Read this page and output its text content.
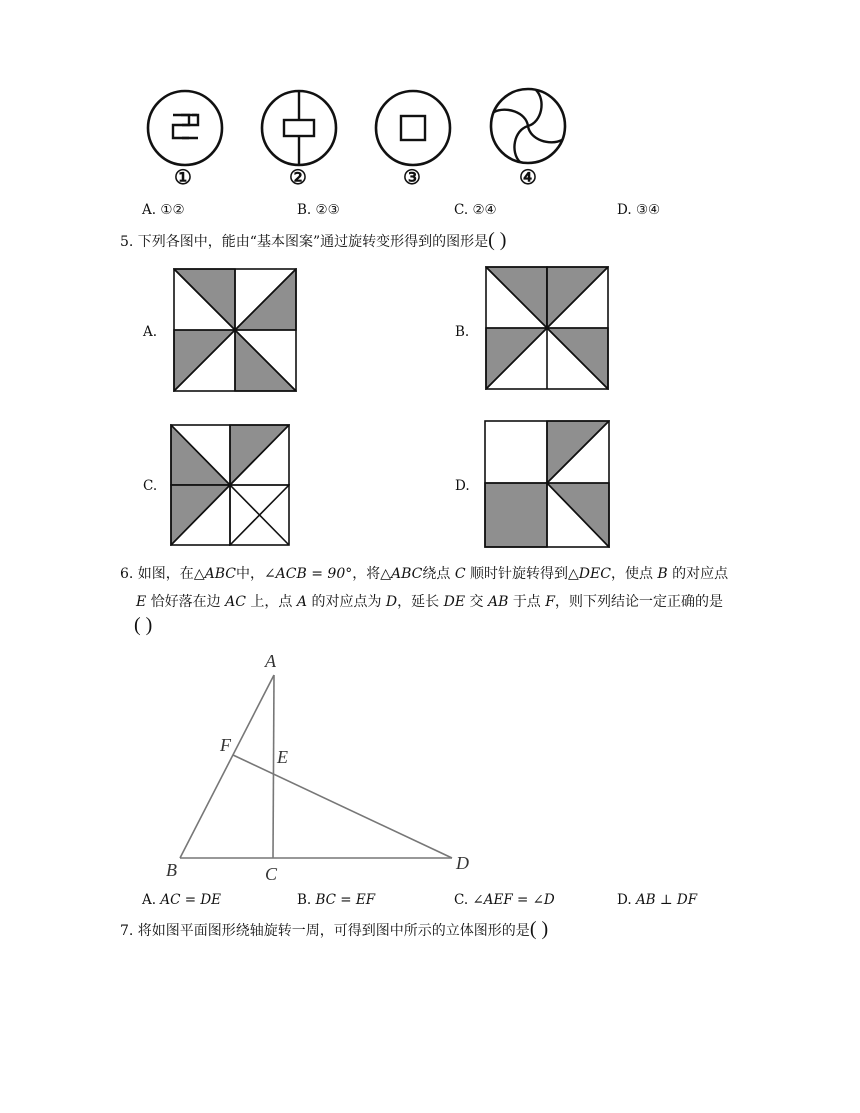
①	②	③	④
A. ①②	B. ②③	C. ②④	D. ③④
5. 下列各图中，能由“基本图案”通过旋转变形得到的图形是( )
A.	B.
C.	D.
6. 如图，在△ABC中，∠ACB = 90°，将△ABC绕点 C 顺时针旋转得到△DEC，使点 B 的对应点
E 恰好落在边 AC 上，点 A 的对应点为 D，延长 DE 交 AB 于点 F，则下列结论一定正确的是
( )
A
F
E
B	C
D
A. AC = DE	B. BC = EF	C. ∠AEF = ∠D	D. AB ⊥ DF
7. 将如图平面图形绕轴旋转一周，可得到图中所示的立体图形的是( )
